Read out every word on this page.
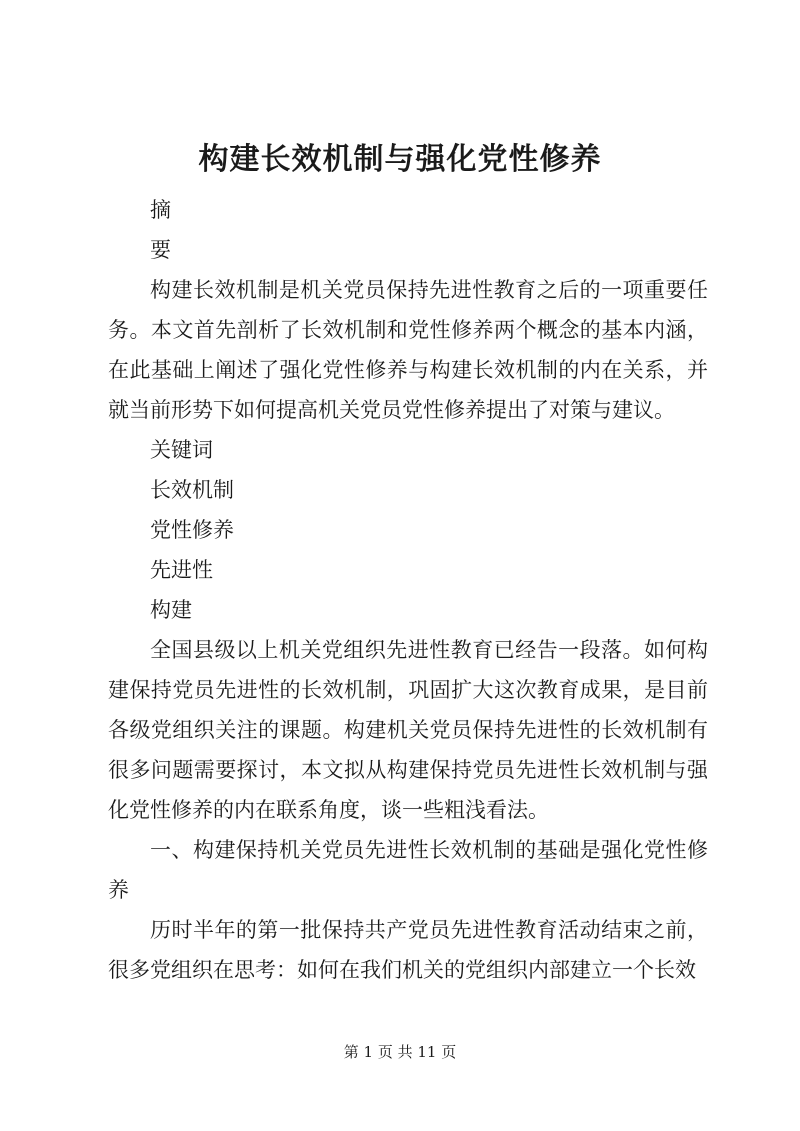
构建长效机制与强化党性修养

摘

要

构建长效机制是机关党员保持先进性教育之后的一项重要任务。本文首先剖析了长效机制和党性修养两个概念的基本内涵，在此基础上阐述了强化党性修养与构建长效机制的内在关系，并就当前形势下如何提高机关党员党性修养提出了对策与建议。

关键词

长效机制

党性修养

先进性

构建

全国县级以上机关党组织先进性教育已经告一段落。如何构建保持党员先进性的长效机制，巩固扩大这次教育成果，是目前各级党组织关注的课题。构建机关党员保持先进性的长效机制有很多问题需要探讨，本文拟从构建保持党员先进性长效机制与强化党性修养的内在联系角度，谈一些粗浅看法。

一、构建保持机关党员先进性长效机制的基础是强化党性修养

历时半年的第一批保持共产党员先进性教育活动结束之前，很多党组织在思考：如何在我们机关的党组织内部建立一个长效

第 1 页 共 11 页
